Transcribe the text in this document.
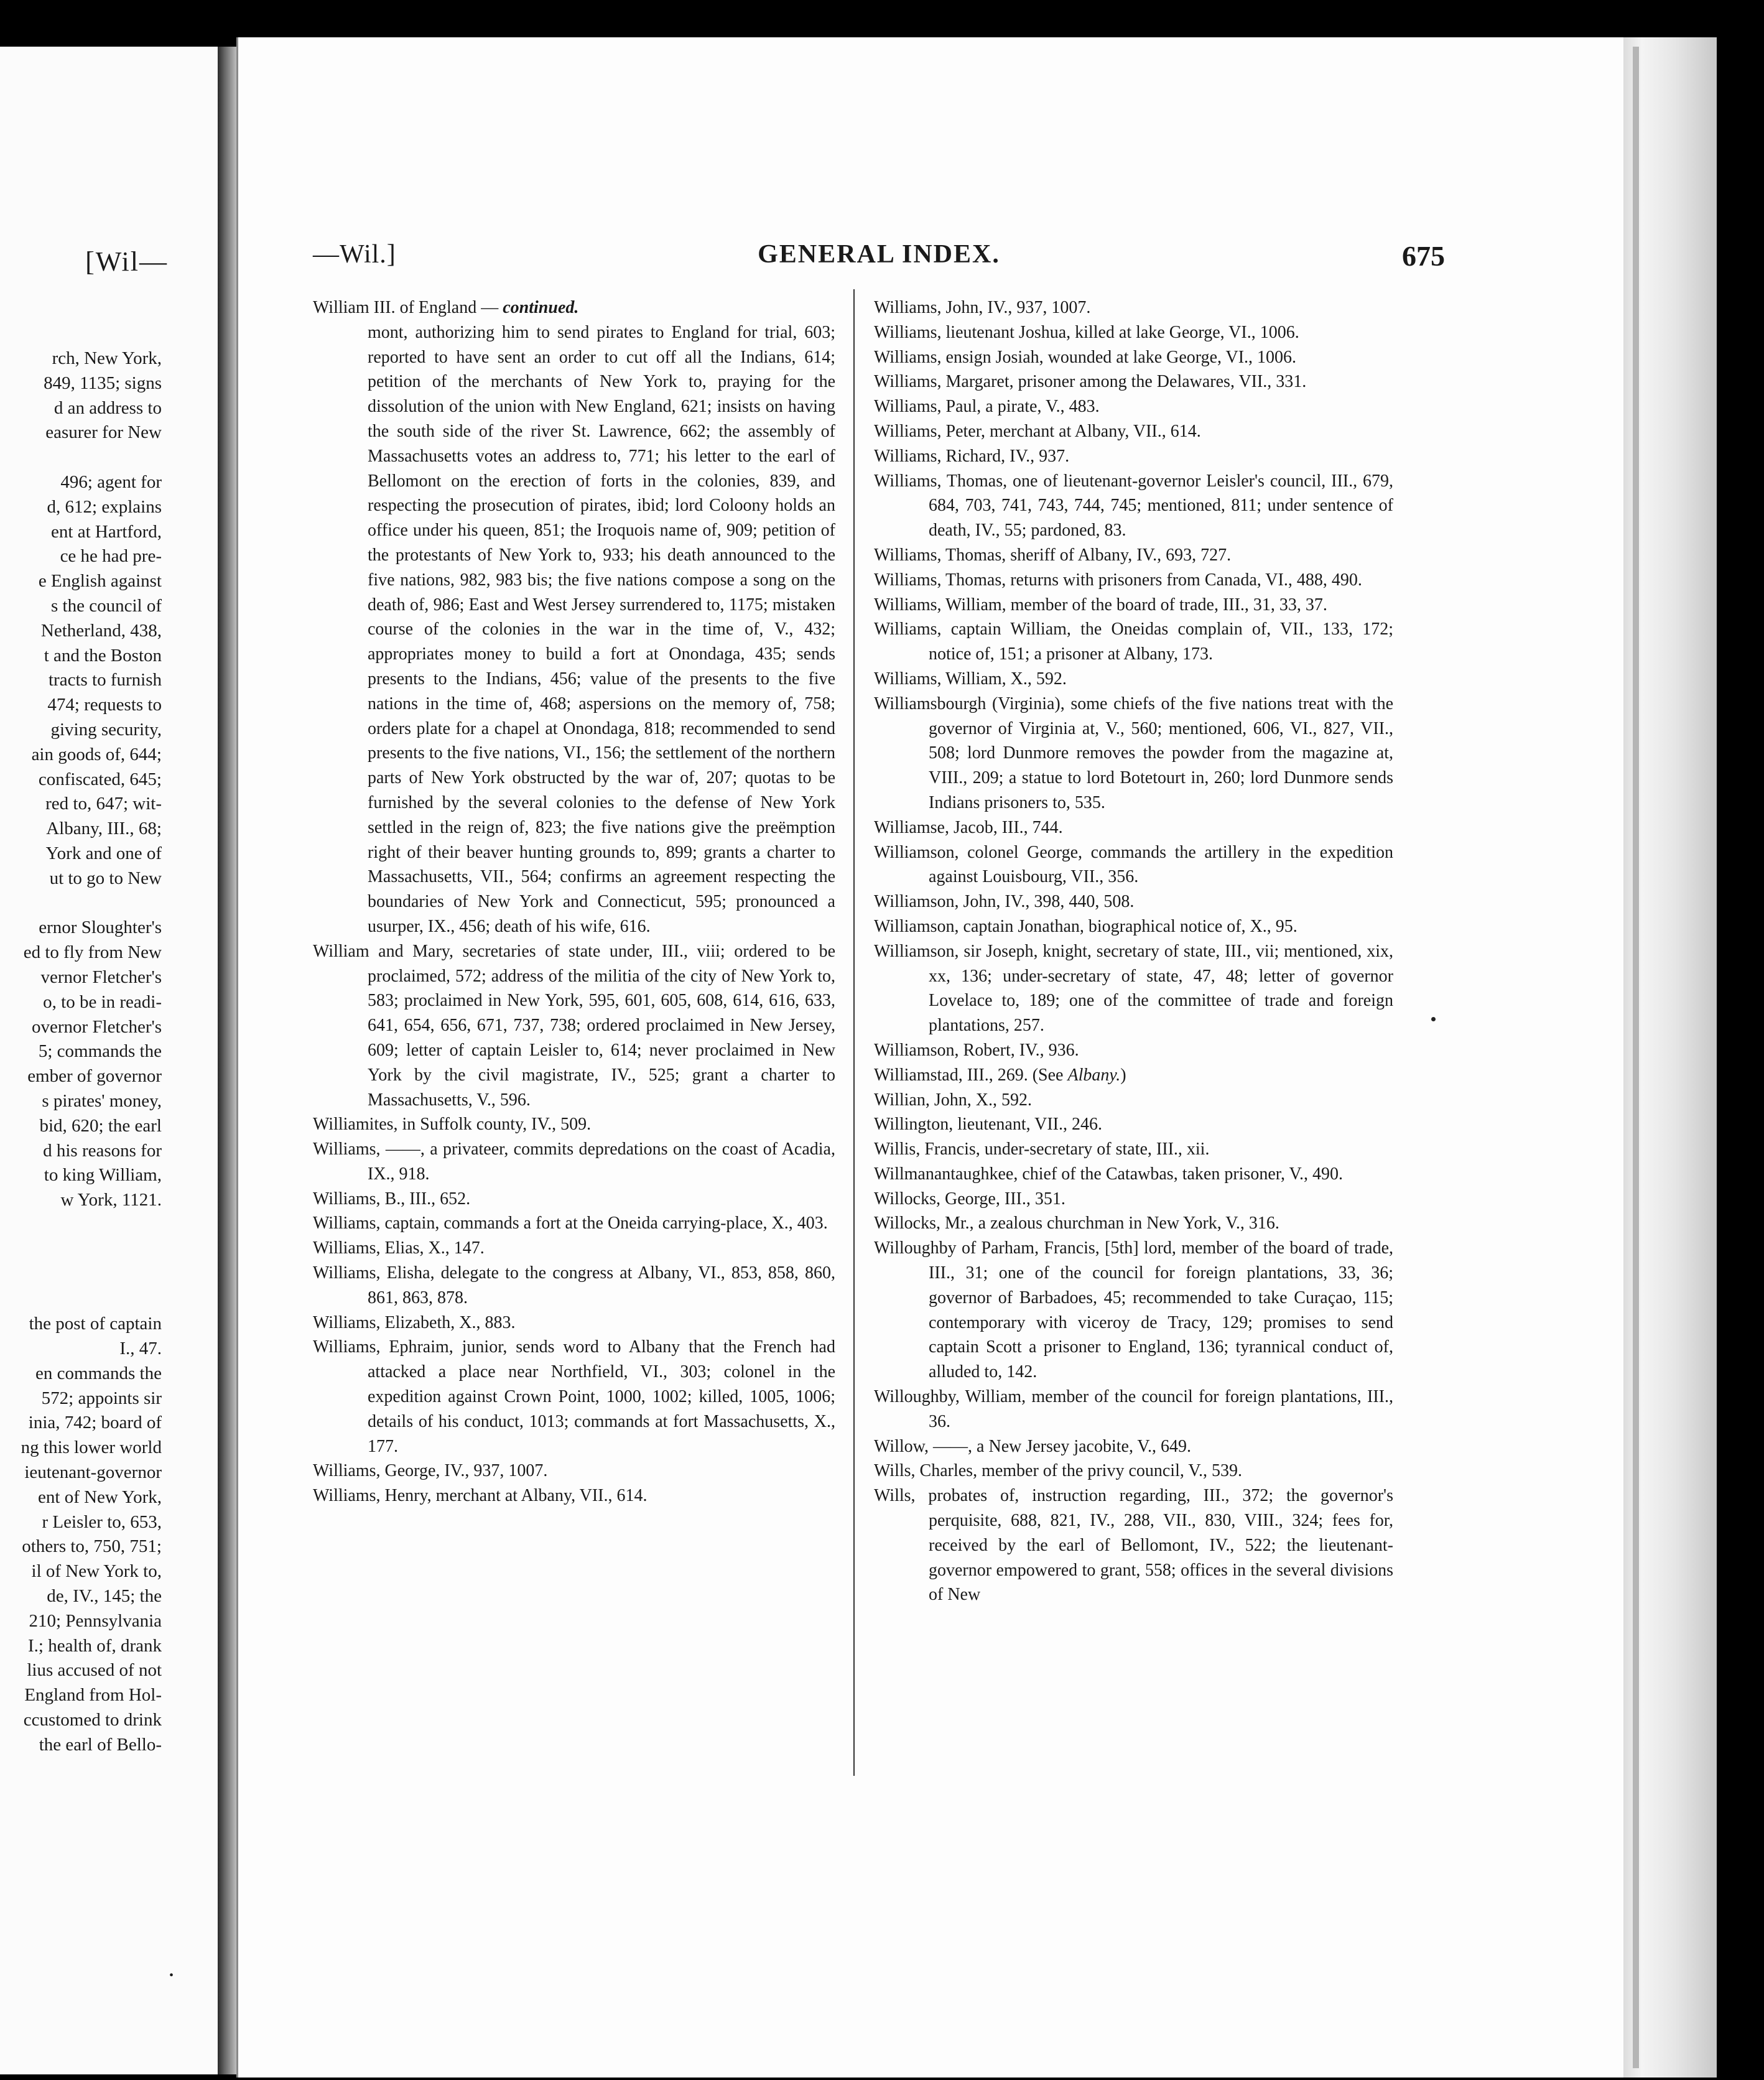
[Wil—
rch, New York,
849, 1135; signs
d an address to
easurer for New
496; agent for
d, 612; explains
ent at Hartford,
ce he had pre-
e English against
s the council of
Netherland, 438,
t and the Boston
tracts to furnish
474; requests to
giving security,
ain goods of, 644;
confiscated, 645;
red to, 647; wit-
Albany, III., 68;
York and one of
ut to go to New
ernor Sloughter's
ed to fly from New
vernor Fletcher's
o, to be in readi-
overnor Fletcher's
5; commands the
ember of governor
s pirates' money,
bid, 620; the earl
d his reasons for
to king William,
w York, 1121.
the post of captain
I., 47.
en commands the
572; appoints sir
inia, 742; board of
ng this lower world
ieutenant-governor
ent of New York,
r Leisler to, 653,
others to, 750, 751;
il of New York to,
de, IV., 145; the
210; Pennsylvania
I.; health of, drank
lius accused of not
England from Hol-
ccustomed to drink
the earl of Bello-
•
—Wil.]	GENERAL INDEX.	675

William III. of England — continued.

mont, authorizing him to send pirates to England for trial, 603; reported to have sent an order to cut off all the Indians, 614; petition of the merchants of New York to, praying for the dissolution of the union with New England, 621; insists on having the south side of the river St. Lawrence, 662; the assembly of Massachusetts votes an address to, 771; his letter to the earl of Bellomont on the erection of forts in the colonies, 839, and respecting the prosecution of pirates, ibid; lord Coloony holds an office under his queen, 851; the Iroquois name of, 909; petition of the protestants of New York to, 933; his death announced to the five nations, 982, 983 bis; the five nations compose a song on the death of, 986; East and West Jersey surrendered to, 1175; mistaken course of the colonies in the war in the time of, V., 432; appropriates money to build a fort at Onondaga, 435; sends presents to the Indians, 456; value of the presents to the five nations in the time of, 468; aspersions on the memory of, 758; orders plate for a chapel at Onondaga, 818; recommended to send presents to the five nations, VI., 156; the settlement of the northern parts of New York obstructed by the war of, 207; quotas to be furnished by the several colonies to the defense of New York settled in the reign of, 823; the five nations give the preëmption right of their beaver hunting grounds to, 899; grants a charter to Massachusetts, VII., 564; confirms an agreement respecting the boundaries of New York and Connecticut, 595; pronounced a usurper, IX., 456; death of his wife, 616.

William and Mary, secretaries of state under, III., viii; ordered to be proclaimed, 572; address of the militia of the city of New York to, 583; proclaimed in New York, 595, 601, 605, 608, 614, 616, 633, 641, 654, 656, 671, 737, 738; ordered proclaimed in New Jersey, 609; letter of captain Leisler to, 614; never proclaimed in New York by the civil magistrate, IV., 525; grant a charter to Massachusetts, V., 596.

Williamites, in Suffolk county, IV., 509.

Williams, ——, a privateer, commits depredations on the coast of Acadia, IX., 918.

Williams, B., III., 652.

Williams, captain, commands a fort at the Oneida carrying-place, X., 403.

Williams, Elias, X., 147.

Williams, Elisha, delegate to the congress at Albany, VI., 853, 858, 860, 861, 863, 878.

Williams, Elizabeth, X., 883.

Williams, Ephraim, junior, sends word to Albany that the French had attacked a place near Northfield, VI., 303; colonel in the expedition against Crown Point, 1000, 1002; killed, 1005, 1006; details of his conduct, 1013; commands at fort Massachusetts, X., 177.

Williams, George, IV., 937, 1007.

Williams, Henry, merchant at Albany, VII., 614.

Williams, John, IV., 937, 1007.

Williams, lieutenant Joshua, killed at lake George, VI., 1006.

Williams, ensign Josiah, wounded at lake George, VI., 1006.

Williams, Margaret, prisoner among the Delawares, VII., 331.

Williams, Paul, a pirate, V., 483.

Williams, Peter, merchant at Albany, VII., 614.

Williams, Richard, IV., 937.

Williams, Thomas, one of lieutenant-governor Leisler's council, III., 679, 684, 703, 741, 743, 744, 745; mentioned, 811; under sentence of death, IV., 55; pardoned, 83.

Williams, Thomas, sheriff of Albany, IV., 693, 727.

Williams, Thomas, returns with prisoners from Canada, VI., 488, 490.

Williams, William, member of the board of trade, III., 31, 33, 37.

Williams, captain William, the Oneidas complain of, VII., 133, 172; notice of, 151; a prisoner at Albany, 173.

Williams, William, X., 592.

Williamsbourgh (Virginia), some chiefs of the five nations treat with the governor of Virginia at, V., 560; mentioned, 606, VI., 827, VII., 508; lord Dunmore removes the powder from the magazine at, VIII., 209; a statue to lord Botetourt in, 260; lord Dunmore sends Indians prisoners to, 535.

Williamse, Jacob, III., 744.

Williamson, colonel George, commands the artillery in the expedition against Louisbourg, VII., 356.

Williamson, John, IV., 398, 440, 508.

Williamson, captain Jonathan, biographical notice of, X., 95.

Williamson, sir Joseph, knight, secretary of state, III., vii; mentioned, xix, xx, 136; under-secretary of state, 47, 48; letter of governor Lovelace to, 189; one of the committee of trade and foreign plantations, 257.

Williamson, Robert, IV., 936.

Williamstad, III., 269. (See Albany.)

Willian, John, X., 592.

Willington, lieutenant, VII., 246.

Willis, Francis, under-secretary of state, III., xii.

Willmanantaughkee, chief of the Catawbas, taken prisoner, V., 490.

Willocks, George, III., 351.

Willocks, Mr., a zealous churchman in New York, V., 316.

Willoughby of Parham, Francis, [5th] lord, member of the board of trade, III., 31; one of the council for foreign plantations, 33, 36; governor of Barbadoes, 45; recommended to take Curaçao, 115; contemporary with viceroy de Tracy, 129; promises to send captain Scott a prisoner to England, 136; tyrannical conduct of, alluded to, 142.

Willoughby, William, member of the council for foreign plantations, III., 36.

Willow, ——, a New Jersey jacobite, V., 649.

Wills, Charles, member of the privy council, V., 539.

Wills, probates of, instruction regarding, III., 372; the governor's perquisite, 688, 821, IV., 288, VII., 830, VIII., 324; fees for, received by the earl of Bellomont, IV., 522; the lieutenant-governor empowered to grant, 558; offices in the several divisions of New
